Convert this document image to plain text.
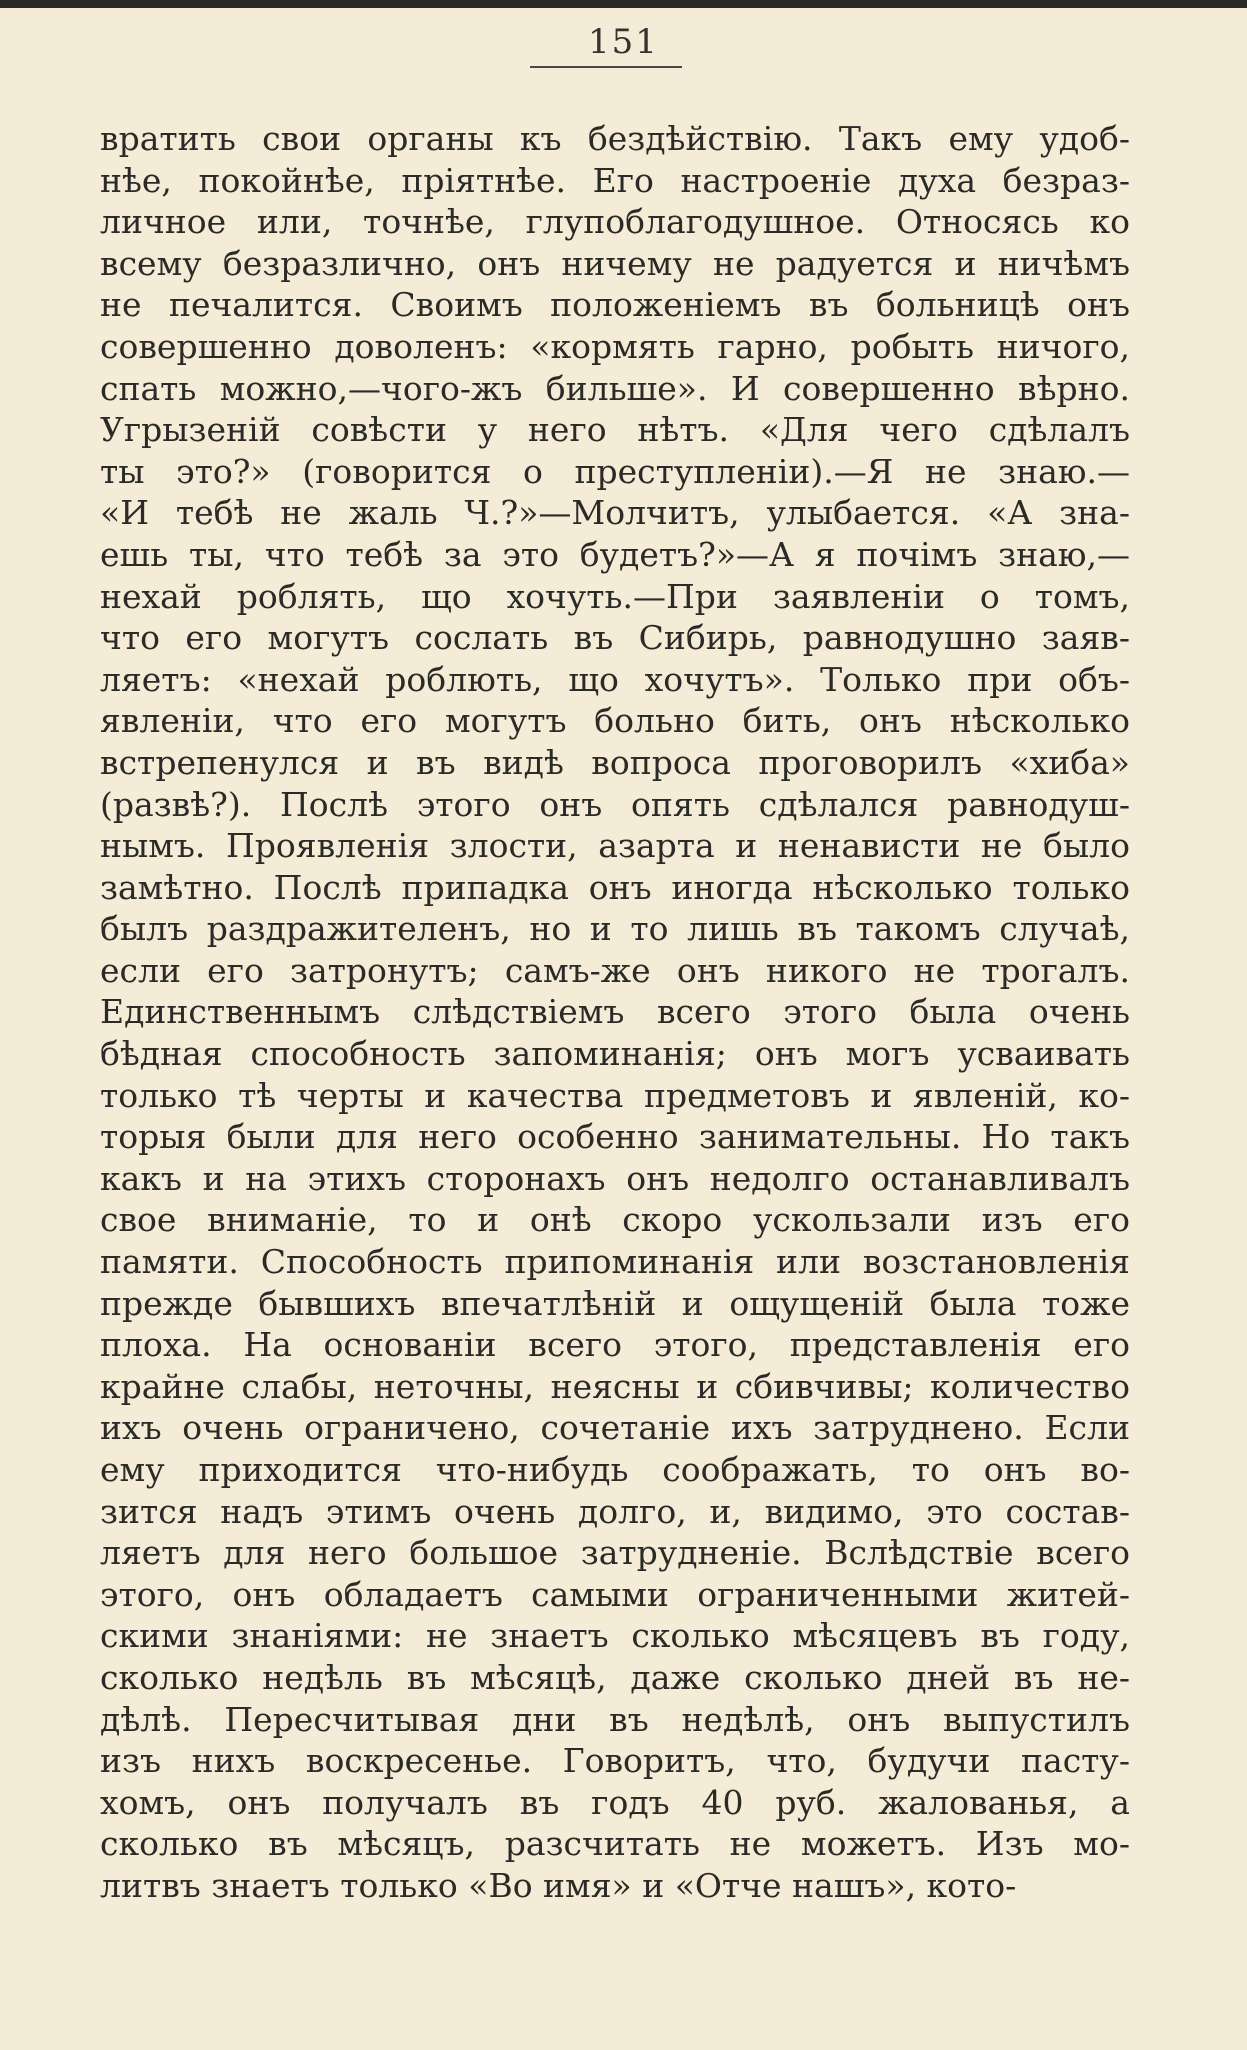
151
вратить свои органы къ бездѣйствiю. Такъ ему удоб-
нѣе, покойнѣе, прiятнѣе. Его настроенiе духа безраз-
личное или, точнѣе, глупоблагодушное. Относясь ко
всему безразлично, онъ ничему не радуется и ничѣмъ
не печалится. Своимъ положенiемъ въ больницѣ онъ
совершенно доволенъ: «кормять гарно, робыть ничого,
спать можно,—чого-жъ бильше». И совершенно вѣрно.
Угрызенiй совѣсти у него нѣтъ. «Для чего сдѣлалъ
ты это?» (говорится о преступленiи).—Я не знаю.—
«И тебѣ не жаль Ч.?»—Молчитъ, улыбается. «А зна-
ешь ты, что тебѣ за это будетъ?»—А я почiмъ знаю,—
нехай роблять, що хочуть.—При заявленiи о томъ,
что его могутъ сослать въ Сибирь, равнодушно заяв-
ляетъ: «нехай роблють, що хочутъ». Только при объ-
явленiи, что его могутъ больно бить, онъ нѣсколько
встрепенулся и въ видѣ вопроса проговорилъ «хиба»
(развѣ?). Послѣ этого онъ опять сдѣлался равнодуш-
нымъ. Проявленiя злости, азарта и ненависти не было
замѣтно. Послѣ припадка онъ иногда нѣсколько только
былъ раздражителенъ, но и то лишь въ такомъ случаѣ,
если его затронутъ; самъ-же онъ никого не трогалъ.
Единственнымъ слѣдствiемъ всего этого была очень
бѣдная способность запоминанiя; онъ могъ усваивать
только тѣ черты и качества предметовъ и явленiй, ко-
торыя были для него особенно занимательны. Но такъ
какъ и на этихъ сторонахъ онъ недолго останавливалъ
свое вниманiе, то и онѣ скоро ускользали изъ его
памяти. Способность припоминанiя или возстановленiя
прежде бывшихъ впечатлѣнiй и ощущенiй была тоже
плоха. На основанiи всего этого, представленiя его
крайне слабы, неточны, неясны и сбивчивы; количество
ихъ очень ограничено, сочетанiе ихъ затруднено. Если
ему приходится что-нибудь соображать, то онъ во-
зится надъ этимъ очень долго, и, видимо, это состав-
ляетъ для него большое затрудненiе. Вслѣдствiе всего
этого, онъ обладаетъ самыми ограниченными житей-
скими знанiями: не знаетъ сколько мѣсяцевъ въ году,
сколько недѣль въ мѣсяцѣ, даже сколько дней въ не-
дѣлѣ. Пересчитывая дни въ недѣлѣ, онъ выпустилъ
изъ нихъ воскресенье. Говоритъ, что, будучи пасту-
хомъ, онъ получалъ въ годъ 40 руб. жалованья, а
сколько въ мѣсяцъ, разсчитать не можетъ. Изъ мо-
литвъ знаетъ только «Во имя» и «Отче нашъ», кото-
